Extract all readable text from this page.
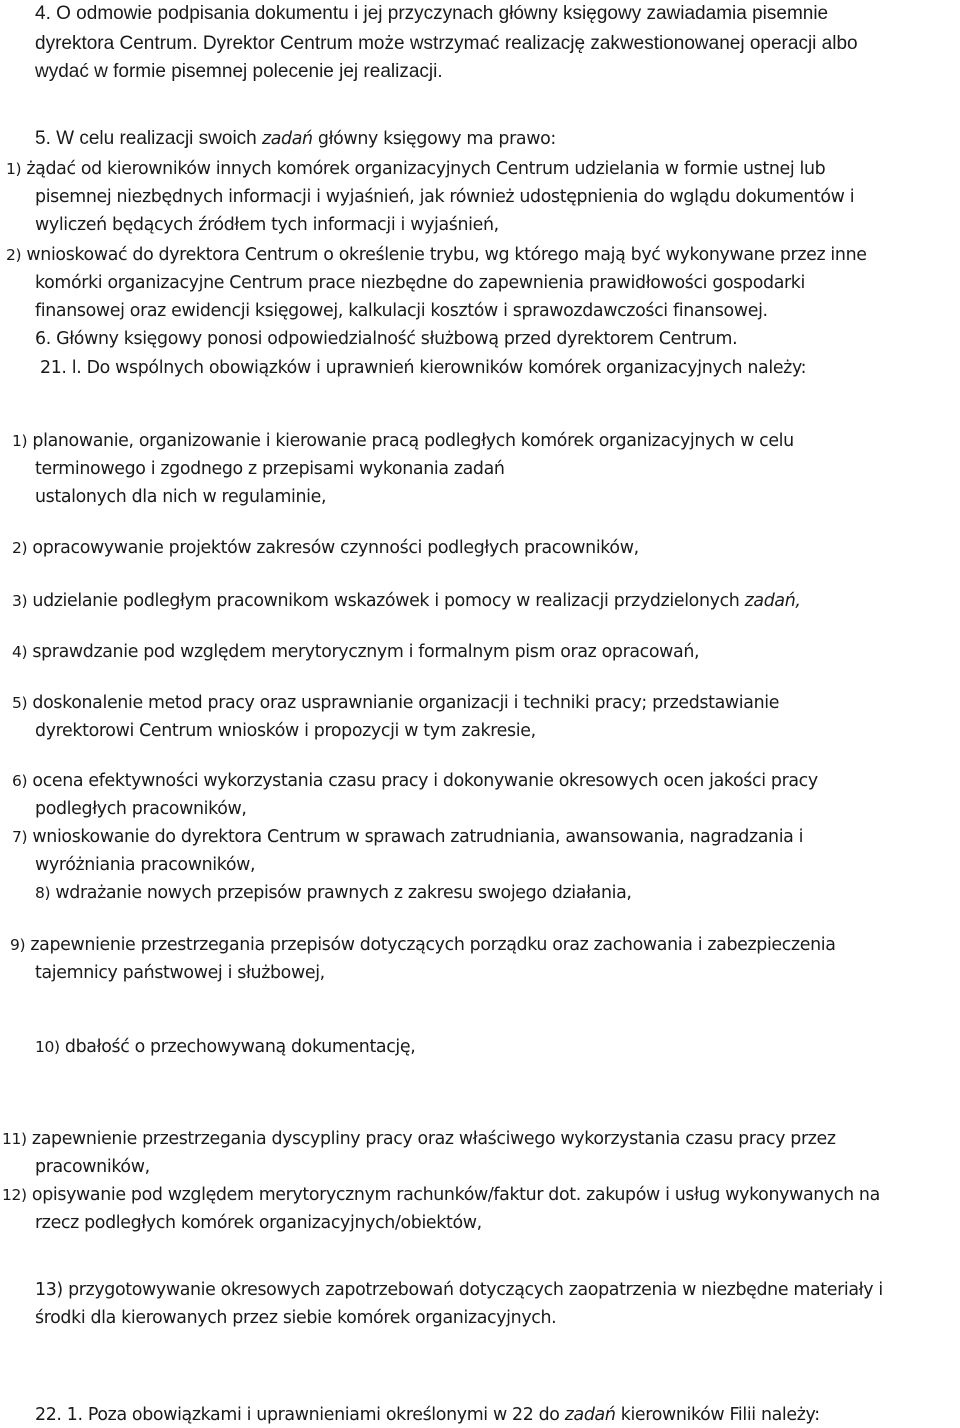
4. O odmowie podpisania dokumentu i jej przyczynach główny księgowy zawiadamia pisemnie
dyrektora Centrum. Dyrektor Centrum może wstrzymać realizację zakwestionowanej operacji albo
wydać w formie pisemnej polecenie jej realizacji.
5. W celu realizacji swoich zadań główny księgowy ma prawo:
1) żądać od kierowników innych komórek organizacyjnych Centrum udzielania w formie ustnej lub
pisemnej niezbędnych informacji i wyjaśnień, jak również udostępnienia do wglądu dokumentów i
wyliczeń będących źródłem tych informacji i wyjaśnień,
2) wnioskować do dyrektora Centrum o określenie trybu, wg którego mają być wykonywane przez inne
komórki organizacyjne Centrum prace niezbędne do zapewnienia prawidłowości gospodarki
finansowej oraz ewidencji księgowej, kalkulacji kosztów i sprawozdawczości finansowej.
6. Główny księgowy ponosi odpowiedzialność służbową przed dyrektorem Centrum.
21. l. Do wspólnych obowiązków i uprawnień kierowników komórek organizacyjnych należy:
1) planowanie, organizowanie i kierowanie pracą podległych komórek organizacyjnych w celu
terminowego i zgodnego z przepisami wykonania zadań
ustalonych dla nich w regulaminie,
2) opracowywanie projektów zakresów czynności podległych pracowników,
3) udzielanie podległym pracownikom wskazówek i pomocy w realizacji przydzielonych zadań,
4) sprawdzanie pod względem merytorycznym i formalnym pism oraz opracowań,
5) doskonalenie metod pracy oraz usprawnianie organizacji i techniki pracy; przedstawianie
dyrektorowi Centrum wniosków i propozycji w tym zakresie,
6) ocena efektywności wykorzystania czasu pracy i dokonywanie okresowych ocen jakości pracy
podległych pracowników,
7) wnioskowanie do dyrektora Centrum w sprawach zatrudniania, awansowania, nagradzania i
wyróżniania pracowników,
8) wdrażanie nowych przepisów prawnych z zakresu swojego działania,
9) zapewnienie przestrzegania przepisów dotyczących porządku oraz zachowania i zabezpieczenia
tajemnicy państwowej i służbowej,
10) dbałość o przechowywaną dokumentację,
11) zapewnienie przestrzegania dyscypliny pracy oraz właściwego wykorzystania czasu pracy przez
pracowników,
12) opisywanie pod względem merytorycznym rachunków/faktur dot. zakupów i usług wykonywanych na
rzecz podległych komórek organizacyjnych/obiektów,
13) przygotowywanie okresowych zapotrzebowań dotyczących zaopatrzenia w niezbędne materiały i
środki dla kierowanych przez siebie komórek organizacyjnych.
22. 1. Poza obowiązkami i uprawnieniami określonymi w 22 do zadań kierowników Filii należy:
